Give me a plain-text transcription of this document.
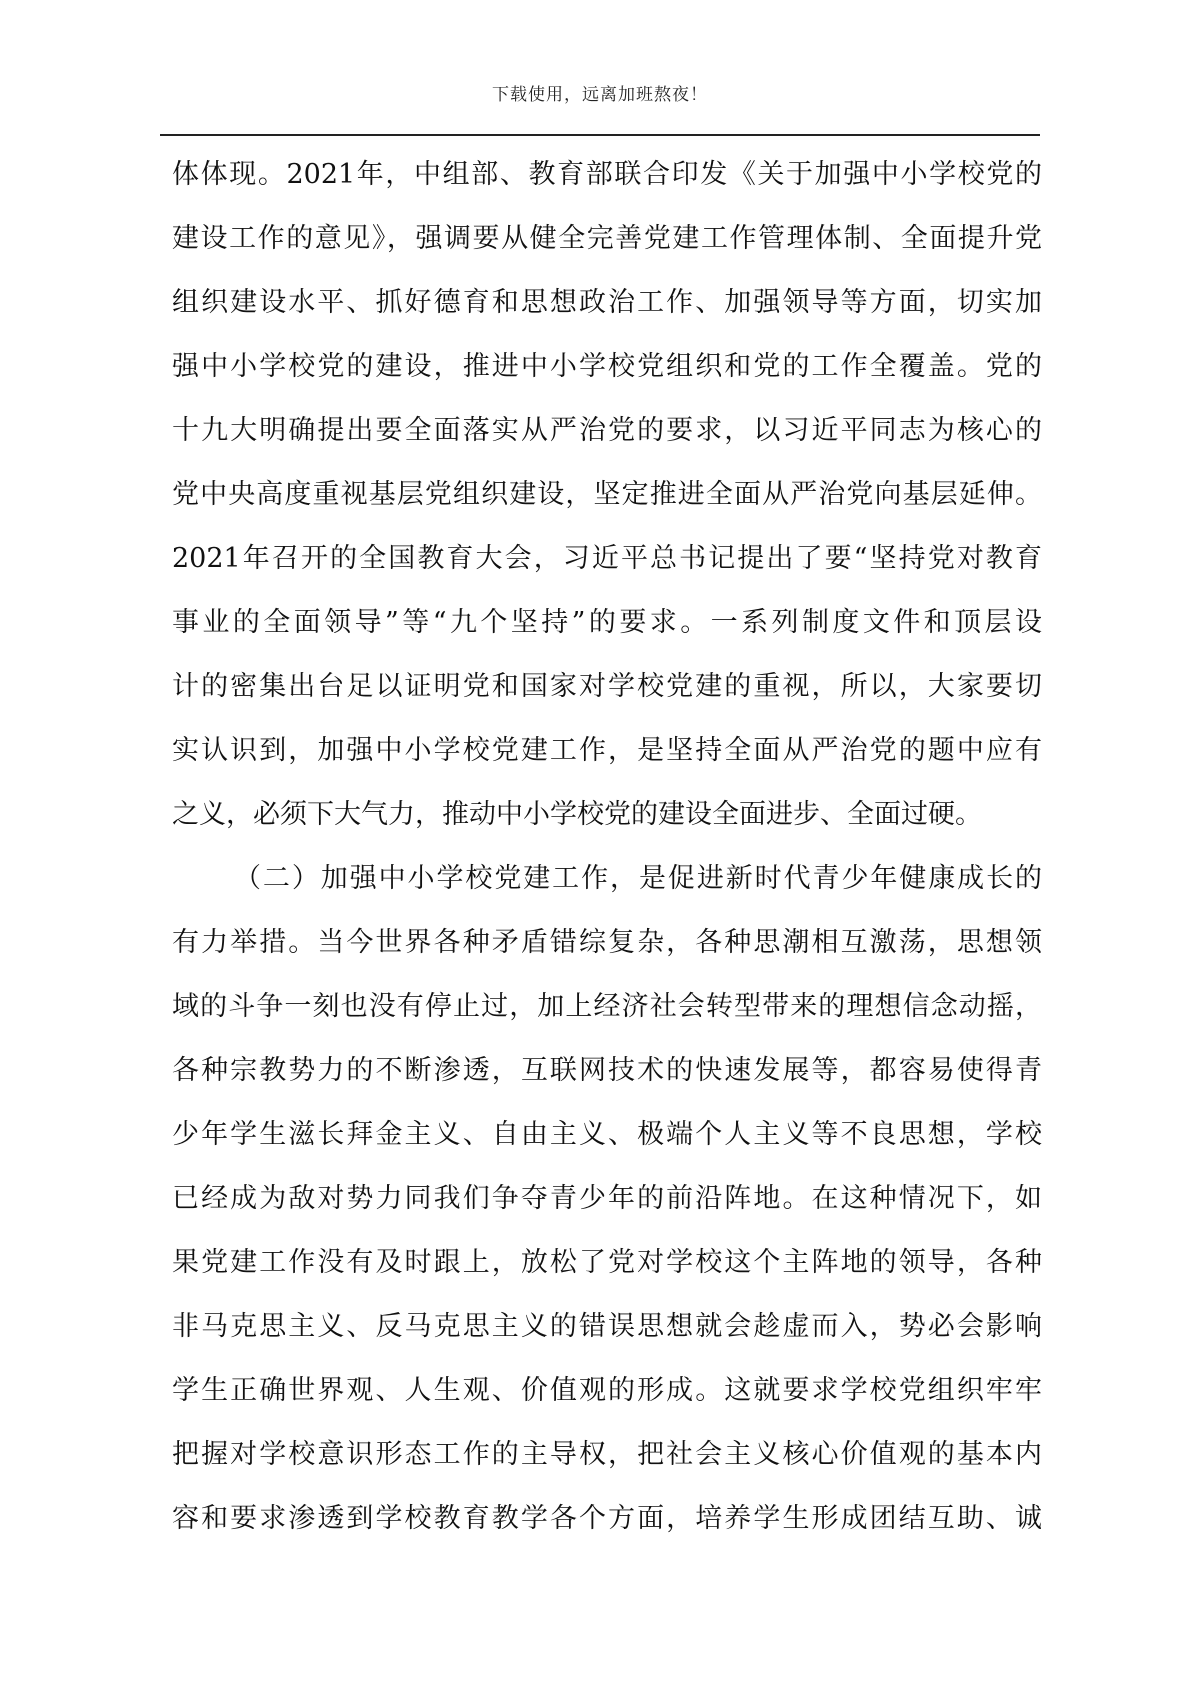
下载使用，远离加班熬夜！
体体现。2021年，中组部、教育部联合印发《关于加强中小学校党的
建设工作的意见》，强调要从健全完善党建工作管理体制、全面提升党
组织建设水平、抓好德育和思想政治工作、加强领导等方面，切实加
强中小学校党的建设，推进中小学校党组织和党的工作全覆盖。党的
十九大明确提出要全面落实从严治党的要求，以习近平同志为核心的
党中央高度重视基层党组织建设，坚定推进全面从严治党向基层延伸。
2021年召开的全国教育大会，习近平总书记提出了要“坚持党对教育
事业的全面领导”等“九个坚持”的要求。一系列制度文件和顶层设
计的密集出台足以证明党和国家对学校党建的重视，所以，大家要切
实认识到，加强中小学校党建工作，是坚持全面从严治党的题中应有
之义，必须下大气力，推动中小学校党的建设全面进步、全面过硬。
（二）加强中小学校党建工作，是促进新时代青少年健康成长的
有力举措。当今世界各种矛盾错综复杂，各种思潮相互激荡，思想领
域的斗争一刻也没有停止过，加上经济社会转型带来的理想信念动摇，
各种宗教势力的不断渗透，互联网技术的快速发展等，都容易使得青
少年学生滋长拜金主义、自由主义、极端个人主义等不良思想，学校
已经成为敌对势力同我们争夺青少年的前沿阵地。在这种情况下，如
果党建工作没有及时跟上，放松了党对学校这个主阵地的领导，各种
非马克思主义、反马克思主义的错误思想就会趁虚而入，势必会影响
学生正确世界观、人生观、价值观的形成。这就要求学校党组织牢牢
把握对学校意识形态工作的主导权，把社会主义核心价值观的基本内
容和要求渗透到学校教育教学各个方面，培养学生形成团结互助、诚
